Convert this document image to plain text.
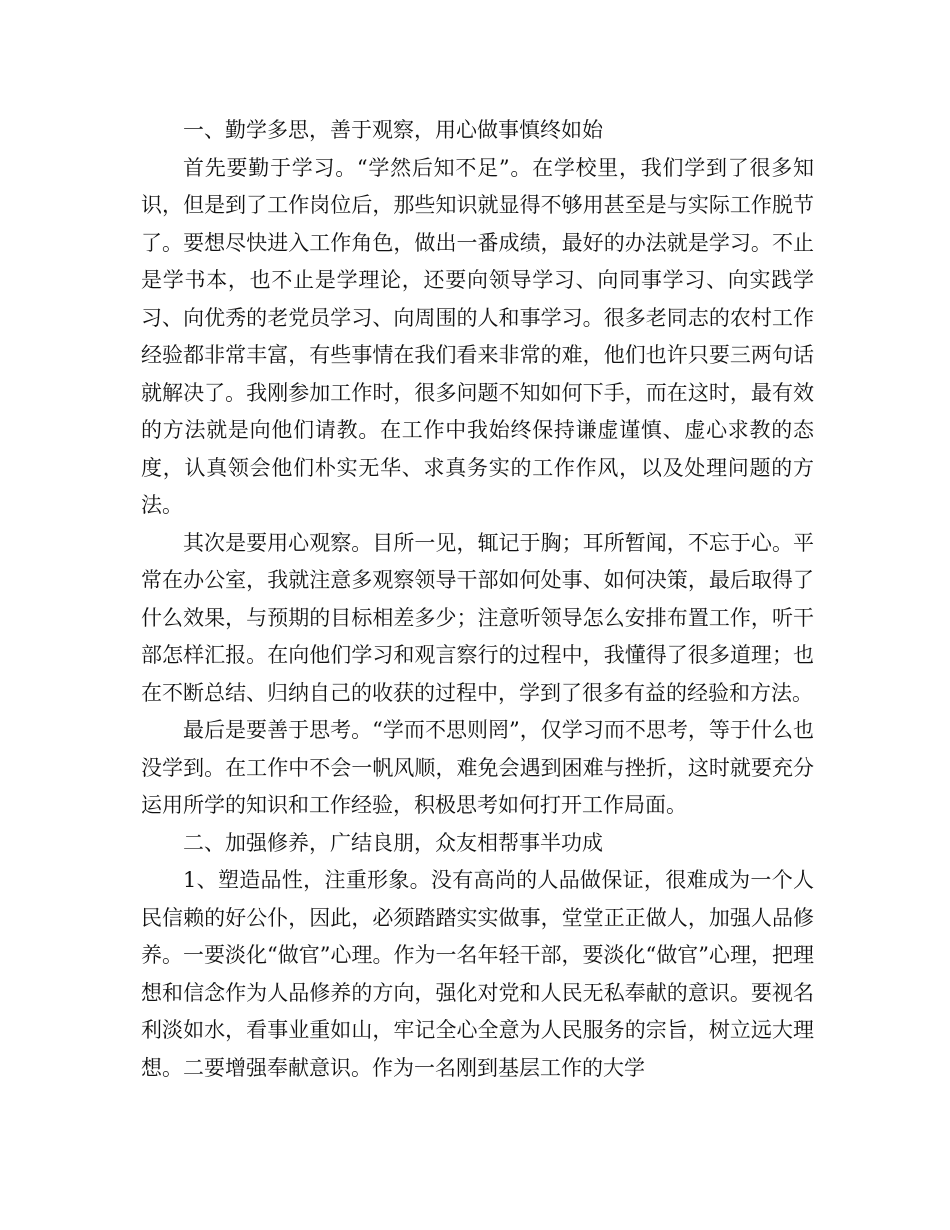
一、勤学多思，善于观察，用心做事慎终如始

首先要勤于学习。“学然后知不足”。在学校里，我们学到了很多知识，但是到了工作岗位后，那些知识就显得不够用甚至是与实际工作脱节了。要想尽快进入工作角色，做出一番成绩，最好的办法就是学习。不止是学书本，也不止是学理论，还要向领导学习、向同事学习、向实践学习、向优秀的老党员学习、向周围的人和事学习。很多老同志的农村工作经验都非常丰富，有些事情在我们看来非常的难，他们也许只要三两句话就解决了。我刚参加工作时，很多问题不知如何下手，而在这时，最有效的方法就是向他们请教。在工作中我始终保持谦虚谨慎、虚心求教的态度，认真领会他们朴实无华、求真务实的工作作风，以及处理问题的方法。

其次是要用心观察。目所一见，辄记于胸；耳所暂闻，不忘于心。平常在办公室，我就注意多观察领导干部如何处事、如何决策，最后取得了什么效果，与预期的目标相差多少；注意听领导怎么安排布置工作，听干部怎样汇报。在向他们学习和观言察行的过程中，我懂得了很多道理；也在不断总结、归纳自己的收获的过程中，学到了很多有益的经验和方法。

最后是要善于思考。“学而不思则罔”，仅学习而不思考，等于什么也没学到。在工作中不会一帆风顺，难免会遇到困难与挫折，这时就要充分运用所学的知识和工作经验，积极思考如何打开工作局面。

二、加强修养，广结良朋，众友相帮事半功成

1、塑造品性，注重形象。没有高尚的人品做保证，很难成为一个人民信赖的好公仆，因此，必须踏踏实实做事，堂堂正正做人，加强人品修养。一要淡化“做官”心理。作为一名年轻干部，要淡化“做官”心理，把理想和信念作为人品修养的方向，强化对党和人民无私奉献的意识。要视名利淡如水，看事业重如山，牢记全心全意为人民服务的宗旨，树立远大理想。二要增强奉献意识。作为一名刚到基层工作的大学
